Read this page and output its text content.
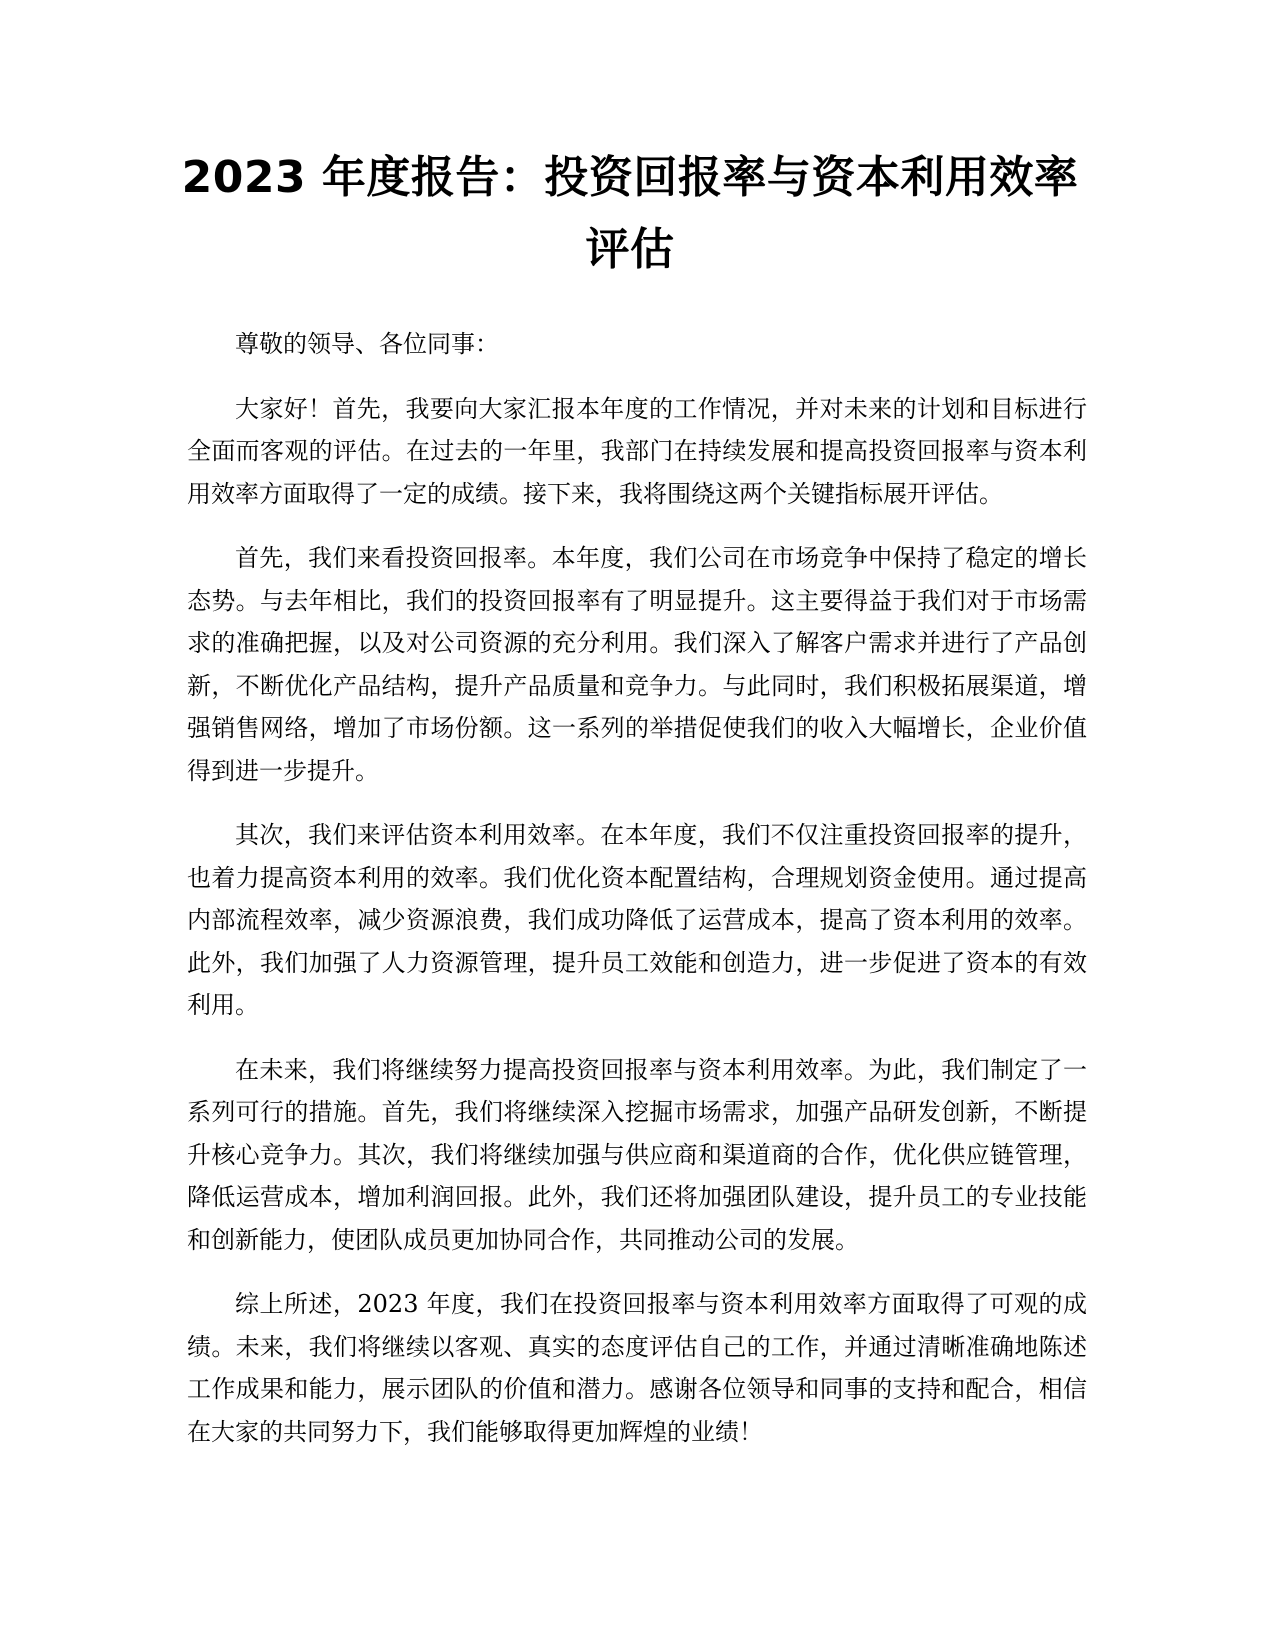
2023 年度报告：投资回报率与资本利用效率评估

尊敬的领导、各位同事：

大家好！首先，我要向大家汇报本年度的工作情况，并对未来的计划和目标进行全面而客观的评估。在过去的一年里，我部门在持续发展和提高投资回报率与资本利用效率方面取得了一定的成绩。接下来，我将围绕这两个关键指标展开评估。

首先，我们来看投资回报率。本年度，我们公司在市场竞争中保持了稳定的增长态势。与去年相比，我们的投资回报率有了明显提升。这主要得益于我们对于市场需求的准确把握，以及对公司资源的充分利用。我们深入了解客户需求并进行了产品创新，不断优化产品结构，提升产品质量和竞争力。与此同时，我们积极拓展渠道，增强销售网络，增加了市场份额。这一系列的举措促使我们的收入大幅增长，企业价值得到进一步提升。

其次，我们来评估资本利用效率。在本年度，我们不仅注重投资回报率的提升，也着力提高资本利用的效率。我们优化资本配置结构，合理规划资金使用。通过提高内部流程效率，减少资源浪费，我们成功降低了运营成本，提高了资本利用的效率。此外，我们加强了人力资源管理，提升员工效能和创造力，进一步促进了资本的有效利用。

在未来，我们将继续努力提高投资回报率与资本利用效率。为此，我们制定了一系列可行的措施。首先，我们将继续深入挖掘市场需求，加强产品研发创新，不断提升核心竞争力。其次，我们将继续加强与供应商和渠道商的合作，优化供应链管理，降低运营成本，增加利润回报。此外，我们还将加强团队建设，提升员工的专业技能和创新能力，使团队成员更加协同合作，共同推动公司的发展。

综上所述，2023 年度，我们在投资回报率与资本利用效率方面取得了可观的成绩。未来，我们将继续以客观、真实的态度评估自己的工作，并通过清晰准确地陈述工作成果和能力，展示团队的价值和潜力。感谢各位领导和同事的支持和配合，相信在大家的共同努力下，我们能够取得更加辉煌的业绩！
